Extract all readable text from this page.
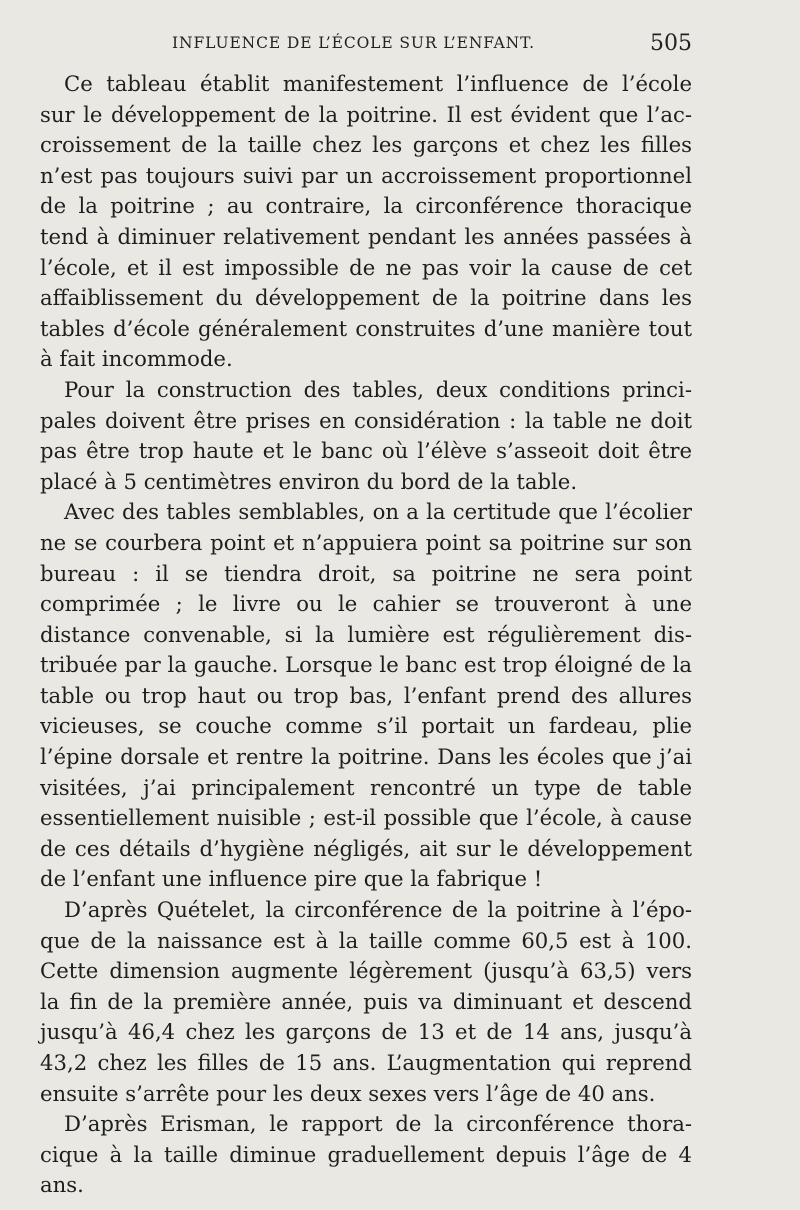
INFLUENCE DE L’ÉCOLE SUR L’ENFANT.	505

Ce tableau établit manifestement l’influence de l’école sur le développement de la poitrine. Il est évident que l’accroissement de la taille chez les garçons et chez les filles n’est pas toujours suivi par un accroissement proportionnel de la poitrine ; au contraire, la circonférence thoracique tend à diminuer relativement pendant les années passées à l’école, et il est impossible de ne pas voir la cause de cet affaiblissement du développement de la poitrine dans les tables d’école généralement construites d’une manière tout à fait incommode.

Pour la construction des tables, deux conditions principales doivent être prises en considération : la table ne doit pas être trop haute et le banc où l’élève s’asseoit doit être placé à 5 centimètres environ du bord de la table.

Avec des tables semblables, on a la certitude que l’écolier ne se courbera point et n’appuiera point sa poitrine sur son bureau : il se tiendra droit, sa poitrine ne sera point comprimée ; le livre ou le cahier se trouveront à une distance convenable, si la lumière est régulièrement distribuée par la gauche. Lorsque le banc est trop éloigné de la table ou trop haut ou trop bas, l’enfant prend des allures vicieuses, se couche comme s’il portait un fardeau, plie l’épine dorsale et rentre la poitrine. Dans les écoles que j’ai visitées, j’ai principalement rencontré un type de table essentiellement nuisible ; est-il possible que l’école, à cause de ces détails d’hygiène négligés, ait sur le développement de l’enfant une influence pire que la fabrique !

D’après Quételet, la circonférence de la poitrine à l’époque de la naissance est à la taille comme 60,5 est à 100. Cette dimension augmente légèrement (jusqu’à 63,5) vers la fin de la première année, puis va diminuant et descend jusqu’à 46,4 chez les garçons de 13 et de 14 ans, jusqu’à 43,2 chez les filles de 15 ans. L’augmentation qui reprend ensuite s’arrête pour les deux sexes vers l’âge de 40 ans.

D’après Erisman, le rapport de la circonférence thoracique à la taille diminue graduellement depuis l’âge de 4 ans.
